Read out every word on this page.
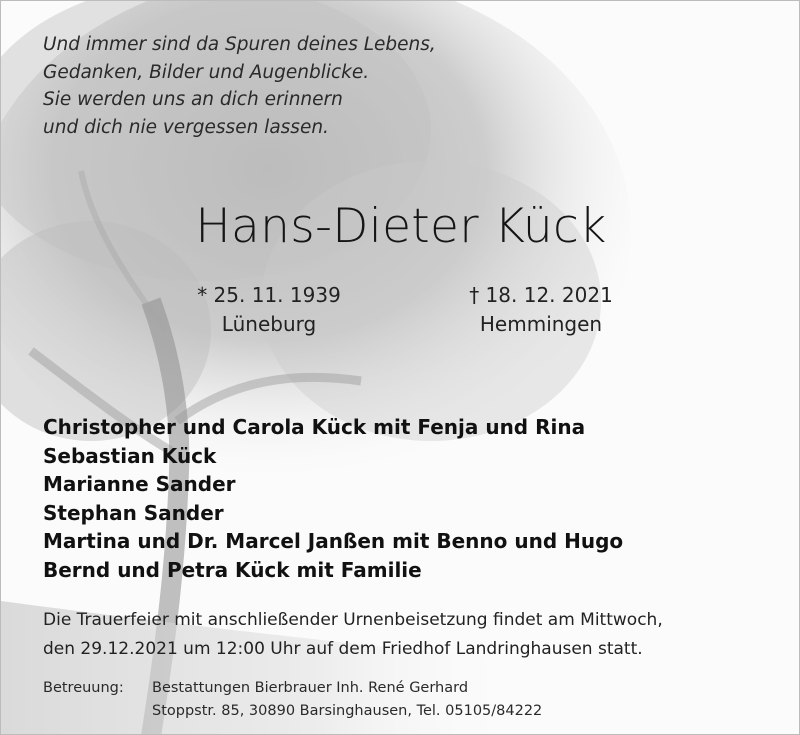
Und immer sind da Spuren deines Lebens,
Gedanken, Bilder und Augenblicke.
Sie werden uns an dich erinnern
und dich nie vergessen lassen.
Hans-Dieter Kück
* 25. 11. 1939
Lüneburg
† 18. 12. 2021
Hemmingen
Christopher und Carola Kück mit Fenja und Rina
Sebastian Kück
Marianne Sander
Stephan Sander
Martina und Dr. Marcel Janßen mit Benno und Hugo
Bernd und Petra Kück mit Familie
Die Trauerfeier mit anschließender Urnenbeisetzung findet am Mittwoch,
den 29.12.2021 um 12:00 Uhr auf dem Friedhof Landringhausen statt.
Betreuung: Bestattungen Bierbrauer Inh. René Gerhard
Stoppstr. 85, 30890 Barsinghausen, Tel. 05105/84222
